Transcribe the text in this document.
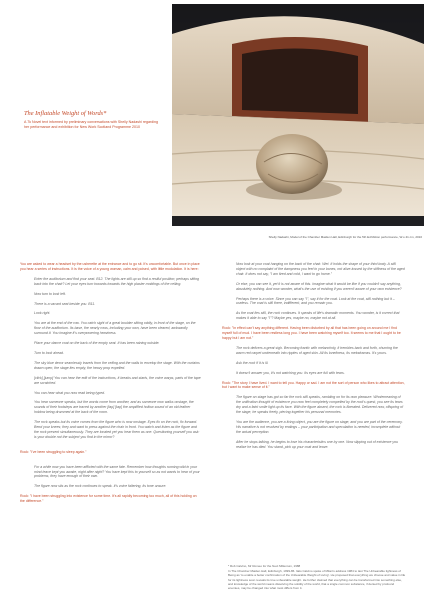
Shelly Nadashi, Model of the Chamber Maiden Hall, Edinburgh for the 5th Exhibition performance, W.o 41 cm, 2010
The Inflatable Weight of Words*

A 7k Novel text informed by preliminary conversations with Shelly Nadashi regarding her performance and exhibition for New Work Scotland Programme 2010

You are asked to wear a headset by the usherette at the entrance and to go sit. It's uncomfortable. But once in place you hear a series of instructions. It is the voice of a young woman, calm and poised, with little modulation. It is here:

Enter the auditorium and find your seat. B12. The lights are still up so find a restful position; perhaps sitting back into the chair? Let your eyes turn towards towards the high plaster moldings of the ceiling.

Now turn to look left.

There is a vacant seat beside you. B11.

Look right.

You are at the end of the row. You catch sight of a great boulder sitting oddly, in front of the stage, on the floor of the auditorium. Its base, the nearly rows, including your own, have been cleared, awkwardly surround it. You imagine it's overpowering heaviness.

Place your dance coat on the back of the empty seat. It has been raining outside.

Turn to look ahead.

The sky blue decor seamlessly travels from the ceiling and the walls to envelop the stage. With the curtains drawn open, the stage lies empty, the heavy prop expelled.

[click] [jump] You can hear the edit of the instructions, it breaks and starts, the voice warps, parts of the tape are scratched.

You can hear what you now read being typed.

You hear someone speaks, but the words come from another, and as someone now walks onstage, the sounds of their footsteps are traced by another [tap] [tap] the amplified hollow sound of an old leather holdow being drummed at the back of the room.

The rock speaks but its voice comes from the figure who is now onstage. Eyes fix on the rock, fix forward. Bend your knees; they and want to press against the chair in front. You watch and listen as the figure and the rock present simultaneously. They are located yet you hear them as one. Questioning yourself you ask: is your double not the subject you find in the mirror?

Rock: "I've been struggling to sleep again."

For a while now you have been afflicted with the same fate. Remember how thoughts running wild in your mind leave kept you awake, night after night? You have kept this to yourself so as not wants to hear of your problems, they have enough of their own.

The figure now sits as the rock continues to speak. It's voice faltering, its tone unsure.

Rock: "I have been struggling into existence for some time. It's all rapidly becoming too much, all of this holding on the difference."

Now look at your coat hanging on the back of the chair. Wet. It holds the shape of your third body. A still object with no complaint of the dampness you feel in your bones, not alive-tossed by the stiffness of the aged chair. It does not say, "I am tired and cold, I want to go home."

Or else, you can see it, yet it is not aware of this. Imagine what it would be like if you couldn't say anything, absolutely nothing. And now wonder, what's the use of existing if you weren't aware of your own existence?

Perhaps there is a voice. Since you can say "I", say it for the coat. Look at the coat, still nothing but it – useless. The coat is still there, indifferent, and you remain you.

As the coat lies still, the rock continues. It speaks of life's dramatic moments. You wonder, is it correct that makes it able to say "I"? Maybe yes, maybe no, maybe not at all.

Rock: "In effect can't say anything different. Having been disturbed by all that has been going on around me I find myself full of mud. I have been restless long you. I have been watching myself too. It seems to me that I ought to be happy but I am not."

The rock delivers a great sigh. Becoming frantic with melancholy, it trembles back and forth, chuming the warm red carpet underneath into ripples of aged skin. All its loneliness, its melodramas. It's yours.

Ask the rock if it is ill.

It doesn't answer you, it's not watching you. Its eyes are full with tears.

Rock: "The story I have lived. I want to tell you. Happy or sad. I am not the sort of person who likes to attract attention, but I want to make sense of it."

The figure on stage has got so far the rock still speaks, rambling on for its own pleasure. Wholemeaning of the unification thought of existence you now feel completely compelled by the rock's quest, you see its tears dry and a faint smile light up its face. With the figure absent, the rock is liberated. Delivered now, offspring of the stage, he speaks freely, piecing together his personal memories.

You are the audience, you are a living object, you are the figure on stage, and you are part of the ceremony. His narrative is not resolved by endings – your participation and speculation is needed, incomplete without the actual perception.

After he stops talking, he begins to lose his characteristics one by one. Now slipping out of existence you realise he has died. You stand, pick up your coat and leave.

* Rob Calvino, Mr Romeo for the Next Millenium, 1988

In The Chamber Maiden Hall, Edinburgh, 1999-86. Italo Calvino spoke of Milan's address 1984 to last The Unbearable lightness of Being as 'to enable a better confirmation of the Unbearable Weight of Living'. He proposed that everything we choose and value in life for its lightness soon reveals its true unbearable weight. He further claimed that everything can be transformed into something else, and knowledge of the world means dissolving the solidity of the world, that a single common substance, if denied by profound enemies, may be changed into what most differs from it.
